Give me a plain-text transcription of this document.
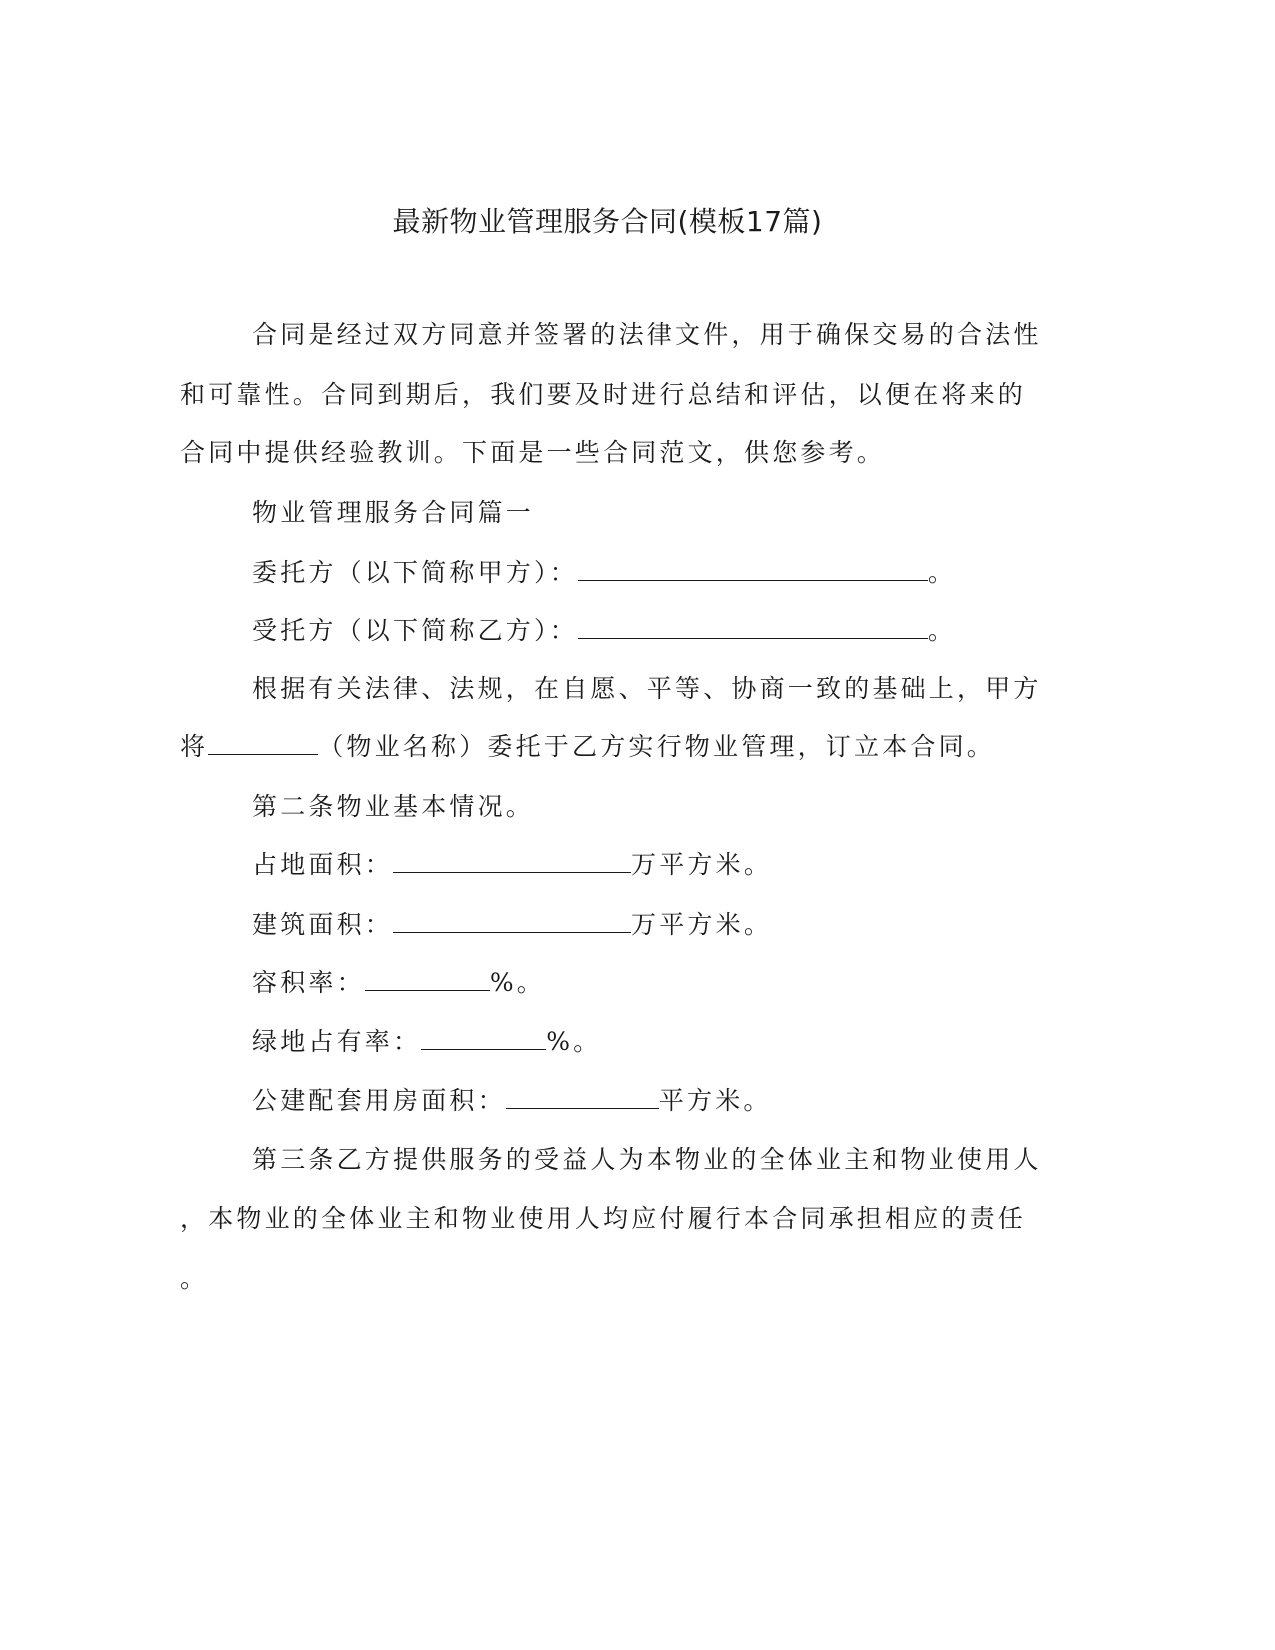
最新物业管理服务合同(模板17篇)
合同是经过双方同意并签署的法律文件，用于确保交易的合法性
和可靠性。合同到期后，我们要及时进行总结和评估，以便在将来的
合同中提供经验教训。下面是一些合同范文，供您参考。
物业管理服务合同篇一
委托方（以下简称甲方）：	。
受托方（以下简称乙方）：	。
根据有关法律、法规，在自愿、平等、协商一致的基础上，甲方
将	（物业名称）委托于乙方实行物业管理，订立本合同。
第二条物业基本情况。
占地面积：	万平方米。
建筑面积：	万平方米。
容积率：	%。
绿地占有率：	%。
公建配套用房面积：	平方米。
第三条乙方提供服务的受益人为本物业的全体业主和物业使用人
，本物业的全体业主和物业使用人均应付履行本合同承担相应的责任
。
